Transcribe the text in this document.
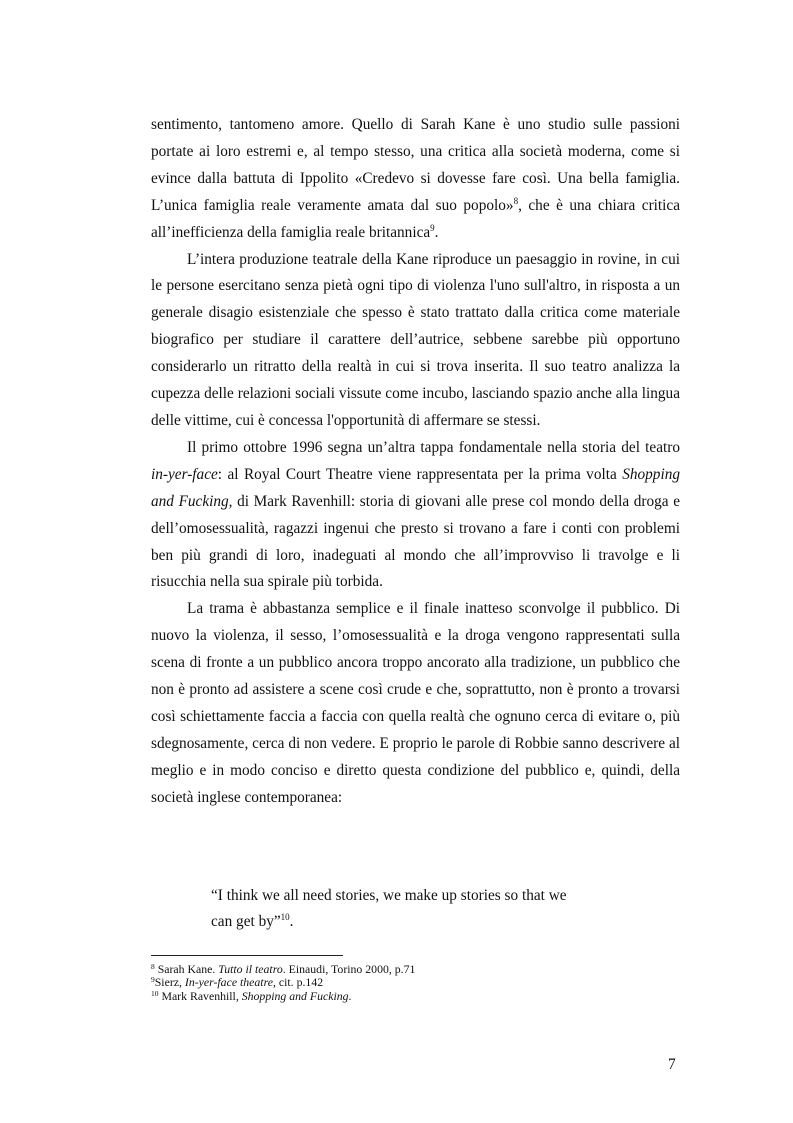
sentimento, tantomeno amore. Quello di Sarah Kane è uno studio sulle passioni portate ai loro estremi e, al tempo stesso, una critica alla società moderna, come si evince dalla battuta di Ippolito «Credevo si dovesse fare così. Una bella famiglia. L’unica famiglia reale veramente amata dal suo popolo»$^8$, che è una chiara critica all’inefficienza della famiglia reale britannica$^9$.

L’intera produzione teatrale della Kane riproduce un paesaggio in rovine, in cui le persone esercitano senza pietà ogni tipo di violenza l'uno sull'altro, in risposta a un generale disagio esistenziale che spesso è stato trattato dalla critica come materiale biografico per studiare il carattere dell’autrice, sebbene sarebbe più opportuno considerarlo un ritratto della realtà in cui si trova inserita. Il suo teatro analizza la cupezza delle relazioni sociali vissute come incubo, lasciando spazio anche alla lingua delle vittime, cui è concessa l'opportunità di affermare se stessi.

Il primo ottobre 1996 segna un’altra tappa fondamentale nella storia del teatro in-yer-face: al Royal Court Theatre viene rappresentata per la prima volta Shopping and Fucking, di Mark Ravenhill: storia di giovani alle prese col mondo della droga e dell’omosessualità, ragazzi ingenui che presto si trovano a fare i conti con problemi ben più grandi di loro, inadeguati al mondo che all’improvviso li travolge e li risucchia nella sua spirale più torbida.

La trama è abbastanza semplice e il finale inatteso sconvolge il pubblico. Di nuovo la violenza, il sesso, l’omosessualità e la droga vengono rappresentati sulla scena di fronte a un pubblico ancora troppo ancorato alla tradizione, un pubblico che non è pronto ad assistere a scene così crude e che, soprattutto, non è pronto a trovarsi così schiettamente faccia a faccia con quella realtà che ognuno cerca di evitare o, più sdegnosamente, cerca di non vedere. E proprio le parole di Robbie sanno descrivere al meglio e in modo conciso e diretto questa condizione del pubblico e, quindi, della società inglese contemporanea:

“I think we all need stories, we make up stories so that we
can get by”$^{10}$.
$^8$ Sarah Kane. Tutto il teatro. Einaudi, Torino 2000, p.71
$^9$Sierz, In-yer-face theatre, cit. p.142
$^{10}$ Mark Ravenhill, Shopping and Fucking.
7
